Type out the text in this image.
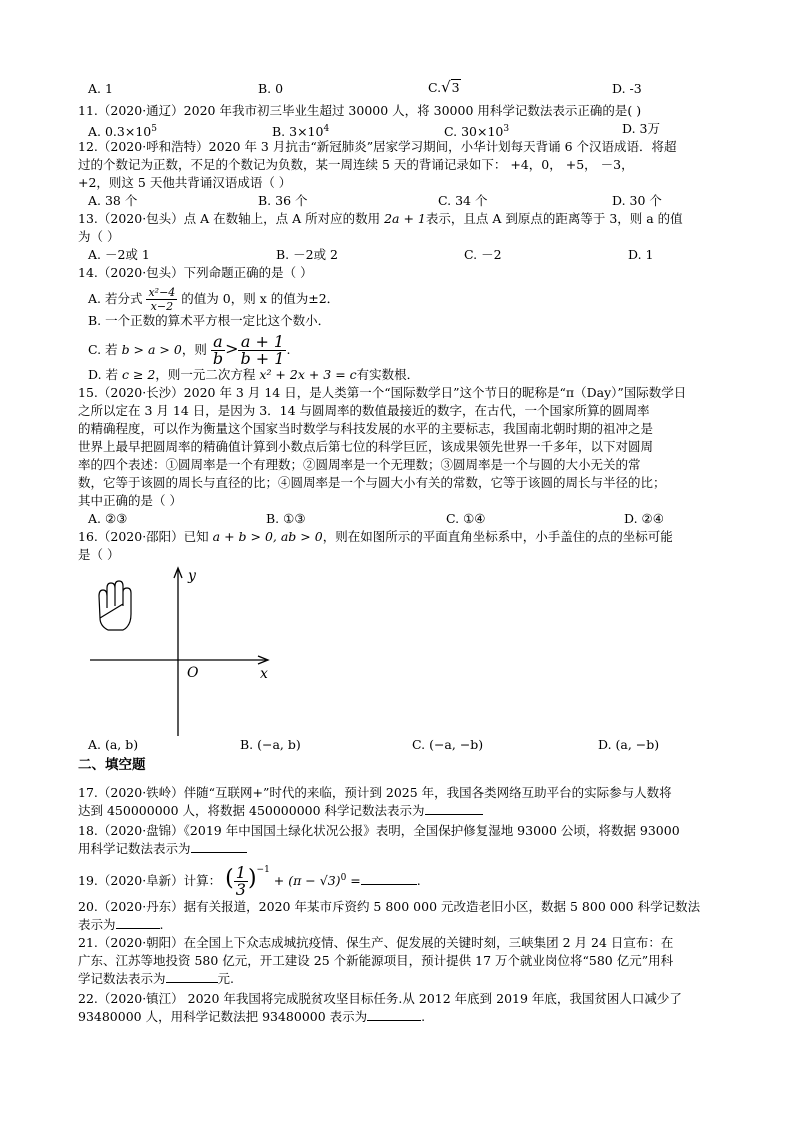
A. 1	B. 0	C.√3	D. -3
11.（2020·通辽）2020 年我市初三毕业生超过 30000 人，将 30000 用科学记数法表示正确的是( )
A. $0.3\times 10^5$	B. $3\times 10^4$	C. $30\times 10^3$	D. 3万
12.（2020·呼和浩特）2020 年 3 月抗击“新冠肺炎”居家学习期间，小华计划每天背诵 6 个汉语成语．将超
过的个数记为正数，不足的个数记为负数，某一周连续 5 天的背诵记录如下： +4，0， +5， －3，
+2，则这 5 天他共背诵汉语成语（ ）
A. 38 个	B. 36 个	C. 34 个	D. 30 个
13.（2020·包头）点 A 在数轴上，点 A 所对应的数用 2a + 1表示，且点 A 到原点的距离等于 3，则 a 的值
为（ ）
A. －2或 1	B. －2或 2	C. －2	D. 1
14.（2020·包头）下列命题正确的是（ ）
A. 若分式 $\frac{\text{x²−4}}{x-2}$ 的值为 0，则 x 的值为±2．
B. 一个正数的算术平方根一定比这个数小．
C. 若 b > a > 0，则 $\frac{a}{b} > \frac{a + 1}{b + 1}$ .
D. 若 c ≥ 2，则一元二次方程 x² + 2x + 3 = c有实数根．
15.（2020·长沙）2020 年 3 月 14 日，是人类第一个“国际数学日”这个节日的昵称是“π（Day）”国际数学日
之所以定在 3 月 14 日，是因为 3．14 与圆周率的数值最接近的数字，在古代，一个国家所算的圆周率
的精确程度，可以作为衡量这个国家当时数学与科技发展的水平的主要标志，我国南北朝时期的祖冲之是
世界上最早把圆周率的精确值计算到小数点后第七位的科学巨匠，该成果领先世界一千多年，以下对圆周
率的四个表述：①圆周率是一个有理数；②圆周率是一个无理数；③圆周率是一个与圆的大小无关的常
数，它等于该圆的周长与直径的比；④圆周率是一个与圆大小有关的常数，它等于该圆的周长与半径的比；
其中正确的是（ ）
A. ②③	B. ①③	C. ①④	D. ②④
16.（2020·邵阳）已知 a + b > 0, ab > 0，则在如图所示的平面直角坐标系中，小手盖住的点的坐标可能
是（ ）
y
x
O
A. (a, b)	B. (−a, b)	C. (−a, −b)	D. (a, −b)
二、填空题
17.（2020·铁岭）伴随“互联网+”时代的来临，预计到 2025 年，我国各类网络互助平台的实际参与人数将
达到 450000000 人，将数据 450000000 科学记数法表示为
18.（2020·盘锦）《2019 年中国国土绿化状况公报》表明，全国保护修复湿地 93000 公顷，将数据 93000
用科学记数法表示为
19.（2020·阜新）计算： ( $\frac{1}{3} )^{-1} + (\pi - √3)^0$ =	.
20.（2020·丹东）据有关报道，2020 年某市斥资约 5 800 000 元改造老旧小区，数据 5 800 000 科学记数法
表示为	.
21.（2020·朝阳）在全国上下众志成城抗疫情、保生产、促发展的关键时刻，三峡集团 2 月 24 日宣布：在
广东、江苏等地投资 580 亿元，开工建设 25 个新能源项目，预计提供 17 万个就业岗位将“580 亿元”用科
学记数法表示为	元.
22.（2020·镇江） 2020 年我国将完成脱贫攻坚目标任务.从 2012 年底到 2019 年底，我国贫困人口减少了
93480000 人，用科学记数法把 93480000 表示为	.
